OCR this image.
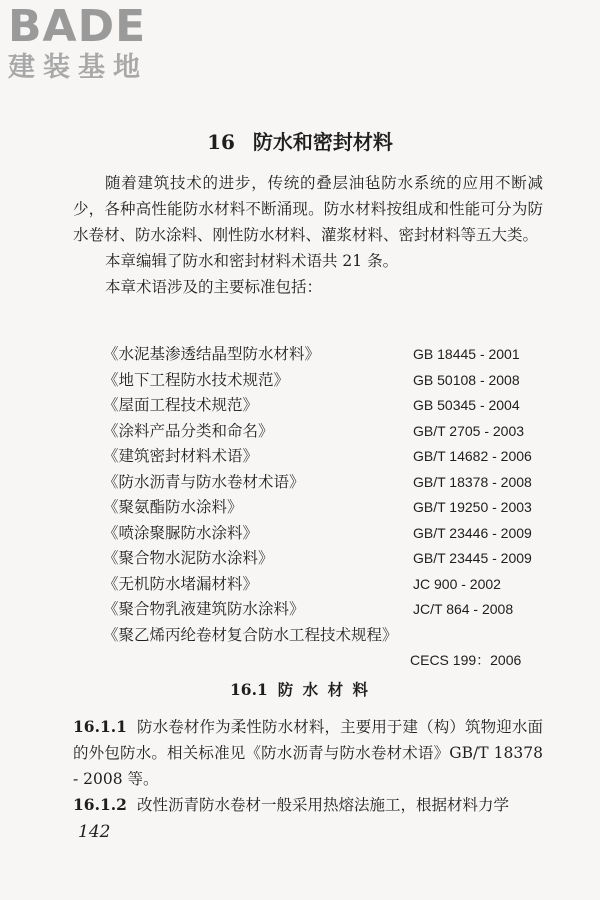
BADE
建装基地
16 防水和密封材料

随着建筑技术的进步，传统的叠层油毡防水系统的应用不断减少，各种高性能防水材料不断涌现。防水材料按组成和性能可分为防水卷材、防水涂料、刚性防水材料、灌浆材料、密封材料等五大类。

本章编辑了防水和密封材料术语共 21 条。

本章术语涉及的主要标准包括：

《水泥基渗透结晶型防水材料》	GB 18445 - 2001
《地下工程防水技术规范》	GB 50108 - 2008
《屋面工程技术规范》	GB 50345 - 2004
《涂料产品分类和命名》	GB/T 2705 - 2003
《建筑密封材料术语》	GB/T 14682 - 2006
《防水沥青与防水卷材术语》	GB/T 18378 - 2008
《聚氨酯防水涂料》	GB/T 19250 - 2003
《喷涂聚脲防水涂料》	GB/T 23446 - 2009
《聚合物水泥防水涂料》	GB/T 23445 - 2009
《无机防水堵漏材料》	JC 900 - 2002
《聚合物乳液建筑防水涂料》	JC/T 864 - 2008
《聚乙烯丙纶卷材复合防水工程技术规程》
CECS 199：2006
16.1 防 水 材 料

16.1.1 防水卷材作为柔性防水材料，主要用于建（构）筑物迎水面的外包防水。相关标准见《防水沥青与防水卷材术语》GB/T 18378 - 2008 等。

16.1.2 改性沥青防水卷材一般采用热熔法施工，根据材料力学

142
